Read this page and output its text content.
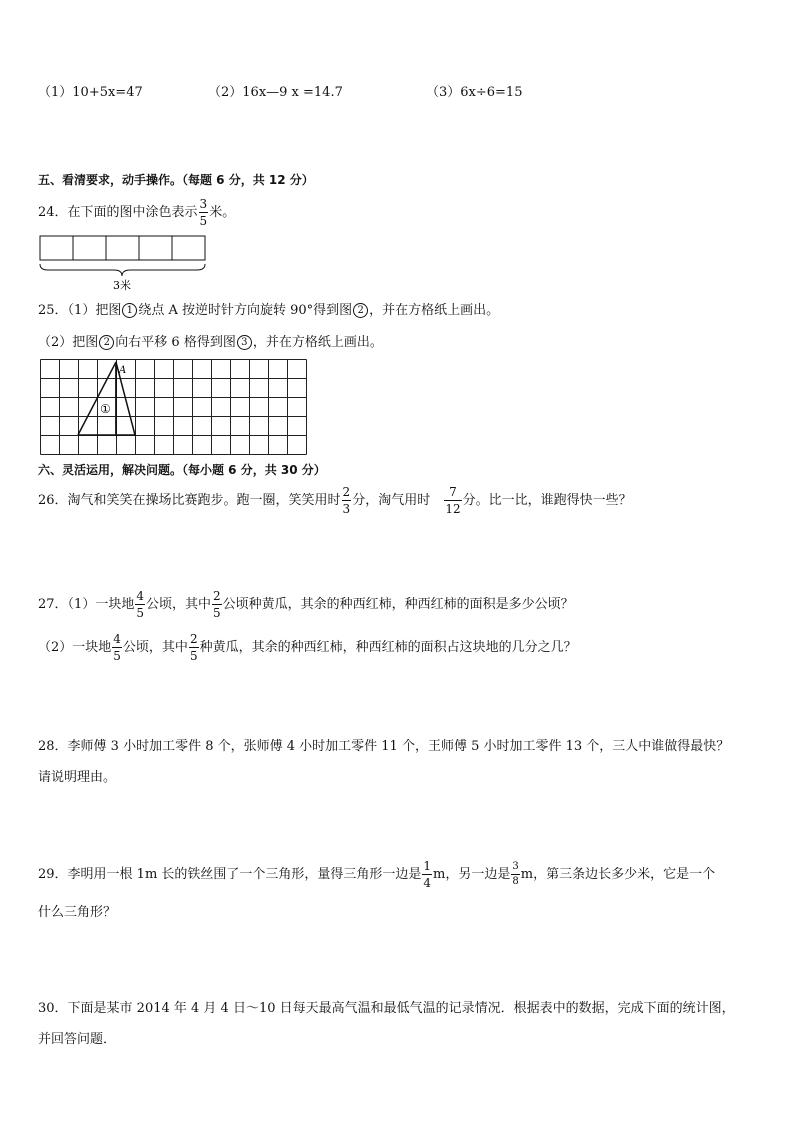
（1）10+5x=47	（2）16x—9 x =14.7	（3）6x÷6=15
五、看清要求，动手操作。（每题 6 分，共 12 分）
24．在下面的图中涂色表示 $\frac{3}{5}$ 米。
3米
25．（1）把图 1 绕点 A 按逆时针方向旋转 90°得到图 2 ，并在方格纸上画出。
（2）把图 2 向右平移 6 格得到图 3 ，并在方格纸上画出。
A
①
六、灵活运用，解决问题。（每小题 6 分，共 30 分）
26．淘气和笑笑在操场比赛跑步。跑一圈，笑笑用时 $\frac{2}{3}$ 分，淘气用时 $\frac{7}{12}$ 分。比一比，谁跑得快一些？
27．（1）一块地 $\frac{4}{5}$ 公顷，其中 $\frac{2}{5}$ 公顷种黄瓜，其余的种西红柿，种西红柿的面积是多少公顷？
（2）一块地 $\frac{4}{5}$ 公顷，其中 $\frac{2}{5}$ 种黄瓜，其余的种西红柿，种西红柿的面积占这块地的几分之几？
28．李师傅 3 小时加工零件 8 个，张师傅 4 小时加工零件 11 个，王师傅 5 小时加工零件 13 个，三人中谁做得最快？
请说明理由。
29．李明用一根 1m 长的铁丝围了一个三角形，量得三角形一边是 $\frac{1}{4}$ m，另一边是 $\frac{3}{8}$ m，第三条边长多少米，它是一个
什么三角形？
30．下面是某市 2014 年 4 月 4 日～10 日每天最高气温和最低气温的记录情况．根据表中的数据，完成下面的统计图，
并回答问题．
